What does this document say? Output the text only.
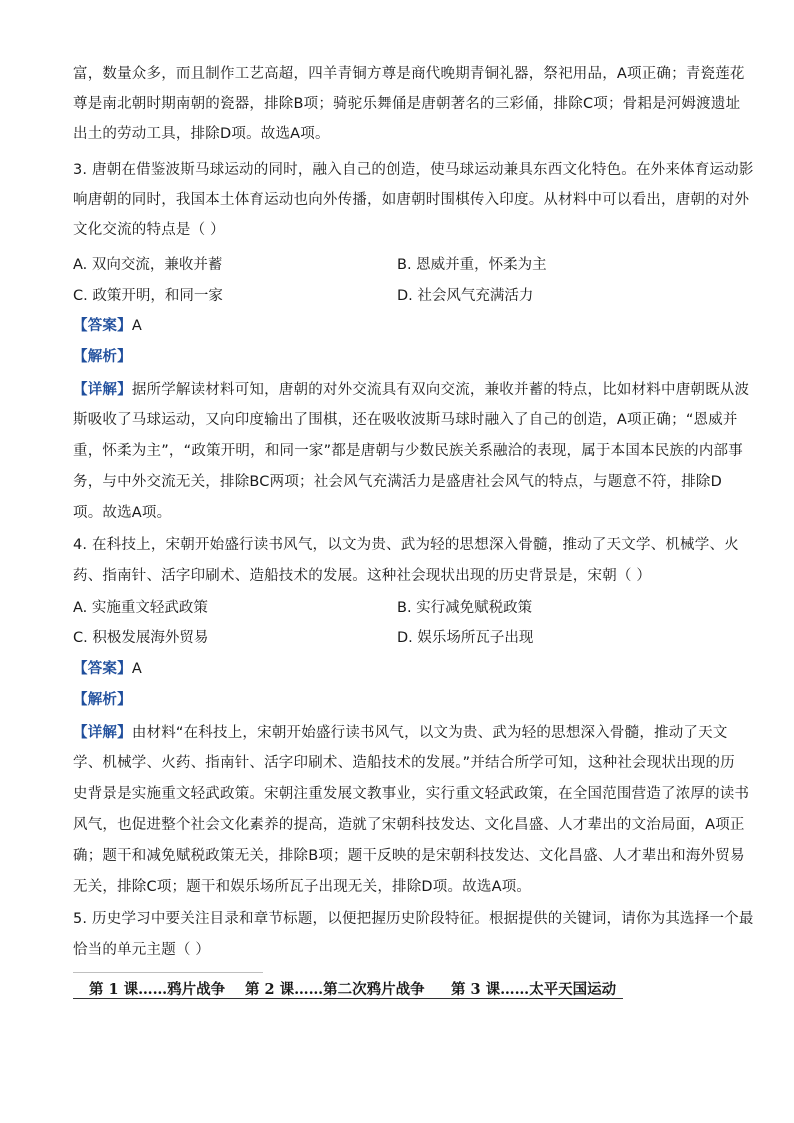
富，数量众多，而且制作工艺高超，四羊青铜方尊是商代晚期青铜礼器，祭祀用品，A项正确；青瓷莲花
尊是南北朝时期南朝的瓷器，排除B项；骑驼乐舞俑是唐朝著名的三彩俑，排除C项；骨耜是河姆渡遗址
出土的劳动工具，排除D项。故选A项。
3. 唐朝在借鉴波斯马球运动的同时，融入自己的创造，使马球运动兼具东西文化特色。在外来体育运动影
响唐朝的同时，我国本土体育运动也向外传播，如唐朝时围棋传入印度。从材料中可以看出，唐朝的对外
文化交流的特点是（ ）
A. 双向交流，兼收并蓄	B. 恩威并重，怀柔为主
C. 政策开明，和同一家	D. 社会风气充满活力
【答案】A
【解析】
【详解】据所学解读材料可知，唐朝的对外交流具有双向交流，兼收并蓄的特点，比如材料中唐朝既从波
斯吸收了马球运动，又向印度输出了围棋，还在吸收波斯马球时融入了自己的创造，A项正确；“恩威并
重，怀柔为主”，“政策开明，和同一家”都是唐朝与少数民族关系融洽的表现，属于本国本民族的内部事
务，与中外交流无关，排除BC两项；社会风气充满活力是盛唐社会风气的特点，与题意不符，排除D
项。故选A项。
4. 在科技上，宋朝开始盛行读书风气，以文为贵、武为轻的思想深入骨髓，推动了天文学、机械学、火
药、指南针、活字印刷术、造船技术的发展。这种社会现状出现的历史背景是，宋朝（ ）
A. 实施重文轻武政策	B. 实行减免赋税政策
C. 积极发展海外贸易	D. 娱乐场所瓦子出现
【答案】A
【解析】
【详解】由材料“在科技上，宋朝开始盛行读书风气，以文为贵、武为轻的思想深入骨髓，推动了天文
学、机械学、火药、指南针、活字印刷术、造船技术的发展。”并结合所学可知，这种社会现状出现的历
史背景是实施重文轻武政策。宋朝注重发展文教事业，实行重文轻武政策，在全国范围营造了浓厚的读书
风气，也促进整个社会文化素养的提高，造就了宋朝科技发达、文化昌盛、人才辈出的文治局面，A项正
确；题干和减免赋税政策无关，排除B项；题干反映的是宋朝科技发达、文化昌盛、人才辈出和海外贸易
无关，排除C项；题干和娱乐场所瓦子出现无关，排除D项。故选A项。
5. 历史学习中要关注目录和章节标题，以便把握历史阶段特征。根据提供的关键词，请你为其选择一个最
恰当的单元主题（ ）
第 1 课……鸦片战争 第 2 课……第二次鸦片战争 第 3 课……太平天国运动
